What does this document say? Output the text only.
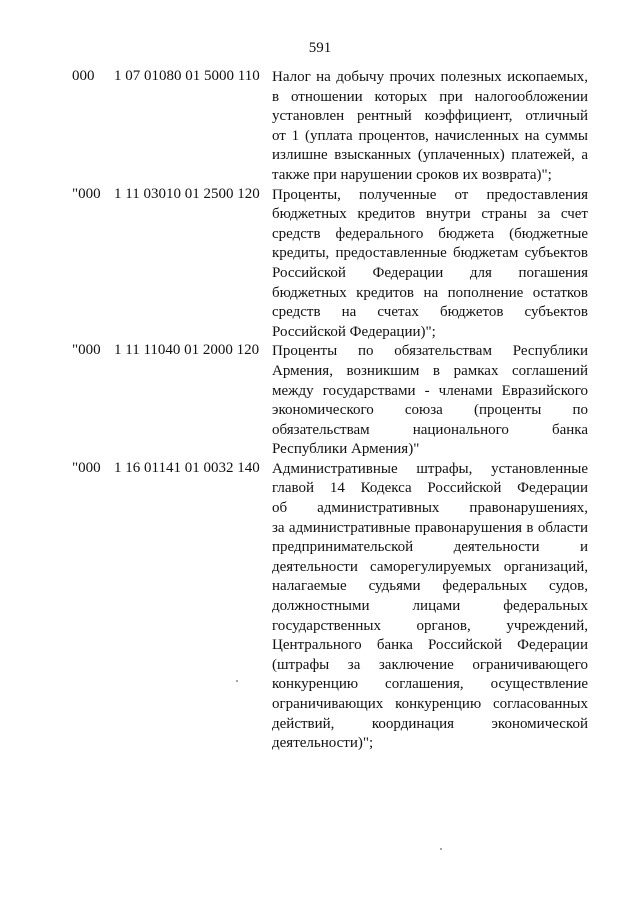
591
000 1 07 01080 01 5000 110 Налог на добычу прочих полезных ископаемых,
в отношении которых при налогообложении
установлен рентный коэффициент, отличный
от 1 (уплата процентов, начисленных на суммы
излишне взысканных (уплаченных) платежей, а
также при нарушении сроков их возврата)";
"000 1 11 03010 01 2500 120 Проценты, полученные от предоставления
бюджетных кредитов внутри страны за счет
средств федерального бюджета (бюджетные
кредиты, предоставленные бюджетам субъектов
Российской Федерации для погашения
бюджетных кредитов на пополнение остатков
средств на счетах бюджетов субъектов
Российской Федерации)";
"000 1 11 11040 01 2000 120 Проценты по обязательствам Республики
Армения, возникшим в рамках соглашений
между государствами - членами Евразийского
экономического союза (проценты по
обязательствам национального банка
Республики Армения)"
"000 1 16 01141 01 0032 140 Административные штрафы, установленные
главой 14 Кодекса Российской Федерации
об административных правонарушениях,
за административные правонарушения в области
предпринимательской деятельности и
деятельности саморегулируемых организаций,
налагаемые судьями федеральных судов,
должностными лицами федеральных
государственных органов, учреждений,
Центрального банка Российской Федерации
(штрафы за заключение ограничивающего
конкуренцию соглашения, осуществление
ограничивающих конкуренцию согласованных
действий, координация экономической
деятельности)";
